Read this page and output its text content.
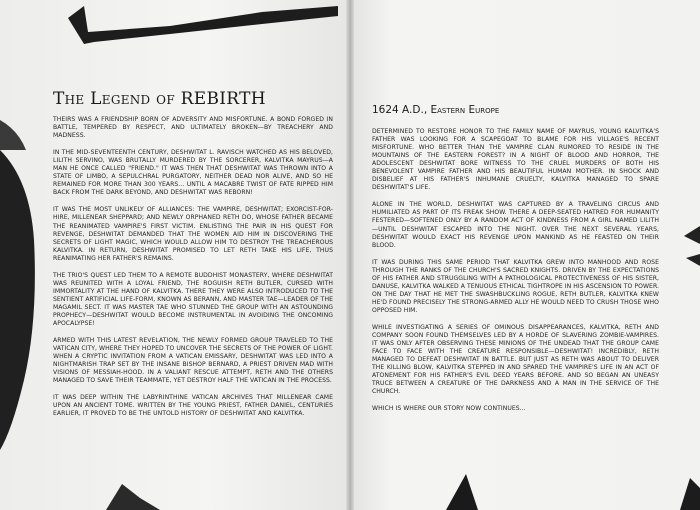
The Legend of REBIRTH

THEIRS WAS A FRIENDSHIP BORN OF ADVERSITY AND MISFORTUNE. A BOND FORGED IN BATTLE, TEMPERED BY RESPECT, AND ULTIMATELY BROKEN—BY TREACHERY AND MADNESS.

IN THE MID-SEVENTEENTH CENTURY, DESHWITAT L. RAVISCH WATCHED AS HIS BELOVED, LILITH SERVINO, WAS BRUTALLY MURDERED BY THE SORCERER, KALVITKA MAYRUS—A MAN HE ONCE CALLED "FRIEND." IT WAS THEN THAT DESHWITAT WAS THROWN INTO A STATE OF LIMBO, A SEPULCHRAL PURGATORY, NEITHER DEAD NOR ALIVE, AND SO HE REMAINED FOR MORE THAN 300 YEARS... UNTIL A MACABRE TWIST OF FATE RIPPED HIM BACK FROM THE DARK BEYOND, AND DESHWITAT WAS REBORN!

IT WAS THE MOST UNLIKELY OF ALLIANCES: THE VAMPIRE, DESHWITAT; EXORCIST-FOR-HIRE, MILLENEAR SHEPPARD; AND NEWLY ORPHANED RETH DO, WHOSE FATHER BECAME THE REANIMATED VAMPIRE'S FIRST VICTIM. ENLISTING THE PAIR IN HIS QUEST FOR REVENGE, DESHWITAT DEMANDED THAT THE WOMEN AID HIM IN DISCOVERING THE SECRETS OF LIGHT MAGIC, WHICH WOULD ALLOW HIM TO DESTROY THE TREACHEROUS KALVITKA. IN RETURN, DESHWITAT PROMISED TO LET RETH TAKE HIS LIFE, THUS REANIMATING HER FATHER'S REMAINS.

THE TRIO'S QUEST LED THEM TO A REMOTE BUDDHIST MONASTERY, WHERE DESHWITAT WAS REUNITED WITH A LOYAL FRIEND, THE ROGUISH RETH BUTLER, CURSED WITH IMMORTALITY AT THE HAND OF KALVITKA. THERE THEY WERE ALSO INTRODUCED TO THE SENTIENT ARTIFICIAL LIFE-FORM, KNOWN AS BERANN, AND MASTER TAE—LEADER OF THE MAGAMIL SECT. IT WAS MASTER TAE WHO STUNNED THE GROUP WITH AN ASTOUNDING PROPHECY—DESHWITAT WOULD BECOME INSTRUMENTAL IN AVOIDING THE ONCOMING APOCALYPSE!

ARMED WITH THIS LATEST REVELATION, THE NEWLY FORMED GROUP TRAVELED TO THE VATICAN CITY, WHERE THEY HOPED TO UNCOVER THE SECRETS OF THE POWER OF LIGHT. WHEN A CRYPTIC INVITATION FROM A VATICAN EMISSARY, DESHWITAT WAS LED INTO A NIGHTMARISH TRAP SET BY THE INSANE BISHOP BERNARD, A PRIEST DRIVEN MAD WITH VISIONS OF MESSIAH-HOOD. IN A VALIANT RESCUE ATTEMPT, RETH AND THE OTHERS MANAGED TO SAVE THEIR TEAMMATE, YET DESTROY HALF THE VATICAN IN THE PROCESS.

IT WAS DEEP WITHIN THE LABYRINTHINE VATICAN ARCHIVES THAT MILLENEAR CAME UPON AN ANCIENT TOME. WRITTEN BY THE YOUNG PRIEST, FATHER DANIEL, CENTURIES EARLIER, IT PROVED TO BE THE UNTOLD HISTORY OF DESHWITAT AND KALVITKA.

1624 A.D., Eastern Europe

DETERMINED TO RESTORE HONOR TO THE FAMILY NAME OF MAYRUS, YOUNG KALVITKA'S FATHER WAS LOOKING FOR A SCAPEGOAT TO BLAME FOR HIS VILLAGE'S RECENT MISFORTUNE. WHO BETTER THAN THE VAMPIRE CLAN RUMORED TO RESIDE IN THE MOUNTAINS OF THE EASTERN FOREST? IN A NIGHT OF BLOOD AND HORROR, THE ADOLESCENT DESHWITAT BORE WITNESS TO THE CRUEL MURDERS OF BOTH HIS BENEVOLENT VAMPIRE FATHER AND HIS BEAUTIFUL HUMAN MOTHER. IN SHOCK AND DISBELIEF AT HIS FATHER'S INHUMANE CRUELTY, KALVITKA MANAGED TO SPARE DESHWITAT'S LIFE.

ALONE IN THE WORLD, DESHWITAT WAS CAPTURED BY A TRAVELING CIRCUS AND HUMILIATED AS PART OF ITS FREAK SHOW. THERE A DEEP-SEATED HATRED FOR HUMANITY FESTERED—SOFTENED ONLY BY A RANDOM ACT OF KINDNESS FROM A GIRL NAMED LILITH—UNTIL DESHWITAT ESCAPED INTO THE NIGHT. OVER THE NEXT SEVERAL YEARS, DESHWITAT WOULD EXACT HIS REVENGE UPON MANKIND AS HE FEASTED ON THEIR BLOOD.

IT WAS DURING THIS SAME PERIOD THAT KALVITKA GREW INTO MANHOOD AND ROSE THROUGH THE RANKS OF THE CHURCH'S SACRED KNIGHTS. DRIVEN BY THE EXPECTATIONS OF HIS FATHER AND STRUGGLING WITH A PATHOLOGICAL PROTECTIVENESS OF HIS SISTER, DANUSE, KALVITKA WALKED A TENUOUS ETHICAL TIGHTROPE IN HIS ASCENSION TO POWER. ON THE DAY THAT HE MET THE SWASHBUCKLING ROGUE, RETH BUTLER, KALVITKA KNEW HE'D FOUND PRECISELY THE STRONG-ARMED ALLY HE WOULD NEED TO CRUSH THOSE WHO OPPOSED HIM.

WHILE INVESTIGATING A SERIES OF OMINOUS DISAPPEARANCES, KALVITKA, RETH AND COMPANY SOON FOUND THEMSELVES LED BY A HORDE OF SLAVERING ZOMBIE-VAMPIRES. IT WAS ONLY AFTER OBSERVING THESE MINIONS OF THE UNDEAD THAT THE GROUP CAME FACE TO FACE WITH THE CREATURE RESPONSIBLE—DESHWITAT! INCREDIBLY, RETH MANAGED TO DEFEAT DESHWITAT IN BATTLE. BUT JUST AS RETH WAS ABOUT TO DELIVER THE KILLING BLOW, KALVITKA STEPPED IN AND SPARED THE VAMPIRE'S LIFE IN AN ACT OF ATONEMENT FOR HIS FATHER'S EVIL DEED YEARS BEFORE. AND SO BEGAN AN UNEASY TRUCE BETWEEN A CREATURE OF THE DARKNESS AND A MAN IN THE SERVICE OF THE CHURCH.

WHICH IS WHERE OUR STORY NOW CONTINUES...
